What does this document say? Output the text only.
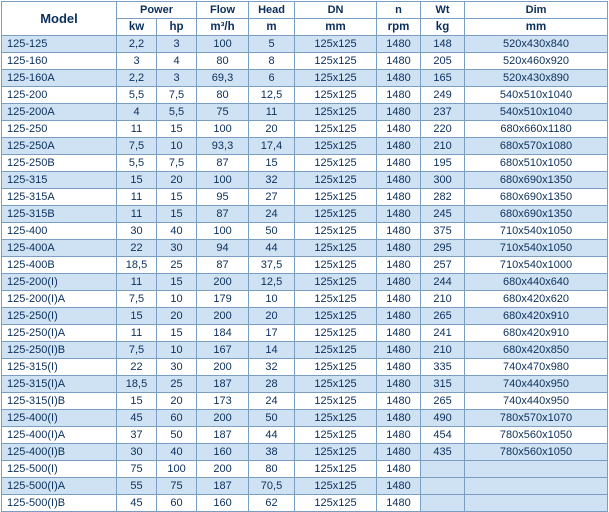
Model	Power		Flow	Head	DN	n	Wt	Dim
	kw	hp	m³/h	m	mm	rpm	kg	mm
125-125	2,2	3	100	5	125x125	1480	148	520x430x840
125-160	3	4	80	8	125x125	1480	205	520x460x920
125-160A	2,2	3	69,3	6	125x125	1480	165	520x430x890
125-200	5,5	7,5	80	12,5	125x125	1480	249	540x510x1040
125-200A	4	5,5	75	11	125x125	1480	237	540x510x1040
125-250	11	15	100	20	125x125	1480	220	680x660x1180
125-250A	7,5	10	93,3	17,4	125x125	1480	210	680x570x1080
125-250B	5,5	7,5	87	15	125x125	1480	195	680x510x1050
125-315	15	20	100	32	125x125	1480	300	680x690x1350
125-315A	11	15	95	27	125x125	1480	282	680x690x1350
125-315B	11	15	87	24	125x125	1480	245	680x690x1350
125-400	30	40	100	50	125x125	1480	375	710x540x1050
125-400A	22	30	94	44	125x125	1480	295	710x540x1050
125-400B	18,5	25	87	37,5	125x125	1480	257	710x540x1000
125-200(I)	11	15	200	12,5	125x125	1480	244	680x440x640
125-200(I)A	7,5	10	179	10	125x125	1480	210	680x420x620
125-250(I)	15	20	200	20	125x125	1480	265	680x420x910
125-250(I)A	11	15	184	17	125x125	1480	241	680x420x910
125-250(I)B	7,5	10	167	14	125x125	1480	210	680x420x850
125-315(I)	22	30	200	32	125x125	1480	335	740x470x980
125-315(I)A	18,5	25	187	28	125x125	1480	315	740x440x950
125-315(I)B	15	20	173	24	125x125	1480	265	740x440x950
125-400(I)	45	60	200	50	125x125	1480	490	780x570x1070
125-400(I)A	37	50	187	44	125x125	1480	454	780x560x1050
125-400(I)B	30	40	160	38	125x125	1480	435	780x560x1050
125-500(I)	75	100	200	80	125x125	1480		
125-500(I)A	55	75	187	70,5	125x125	1480		
125-500(I)B	45	60	160	62	125x125	1480		
